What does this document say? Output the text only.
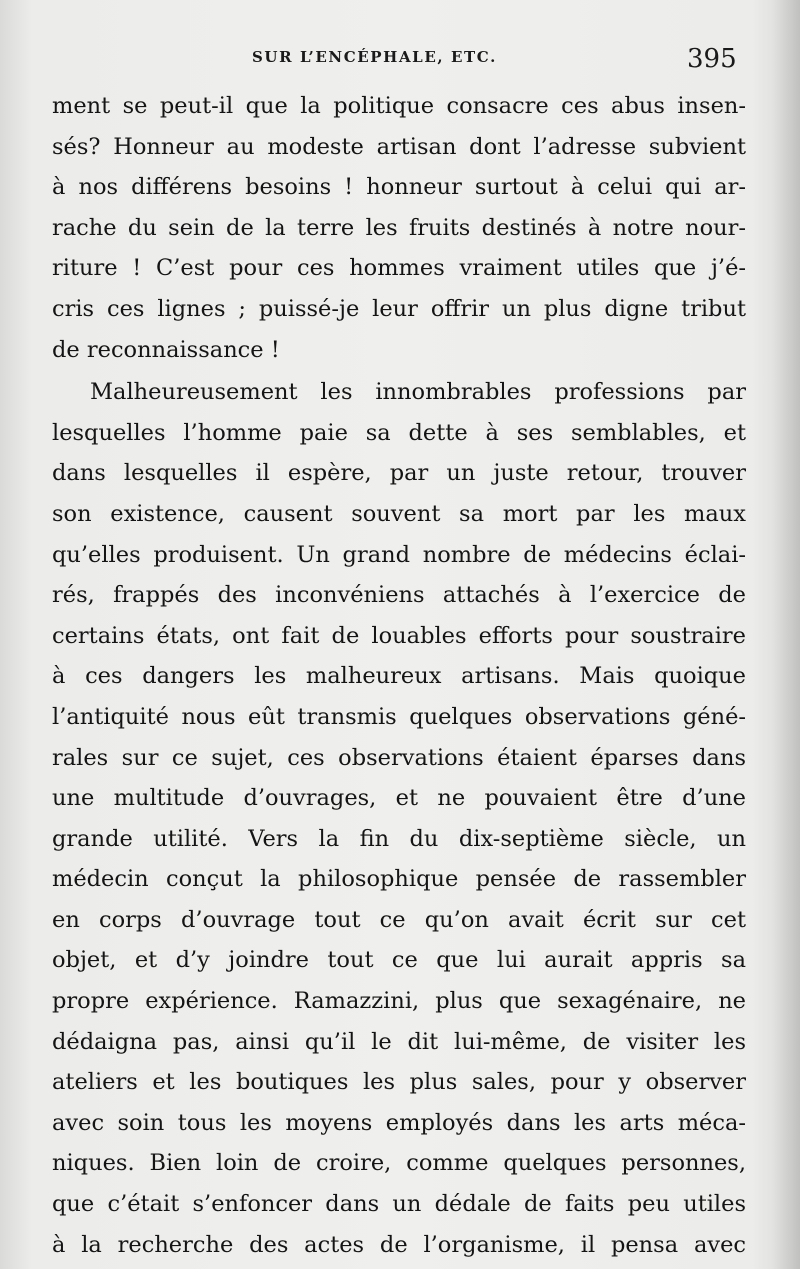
SUR L’ENCÉPHALE, ETC.	395
ment se peut-il que la politique consacre ces abus insen-
sés? Honneur au modeste artisan dont l’adresse subvient
à nos différens besoins ! honneur surtout à celui qui ar-
rache du sein de la terre les fruits destinés à notre nour-
riture ! C’est pour ces hommes vraiment utiles que j’é-
cris ces lignes ; puissé-je leur offrir un plus digne tribut
de reconnaissance !
Malheureusement les innombrables professions par
lesquelles l’homme paie sa dette à ses semblables, et
dans lesquelles il espère, par un juste retour, trouver
son existence, causent souvent sa mort par les maux
qu’elles produisent. Un grand nombre de médecins éclai-
rés, frappés des inconvéniens attachés à l’exercice de
certains états, ont fait de louables efforts pour soustraire
à ces dangers les malheureux artisans. Mais quoique
l’antiquité nous eût transmis quelques observations géné-
rales sur ce sujet, ces observations étaient éparses dans
une multitude d’ouvrages, et ne pouvaient être d’une
grande utilité. Vers la fin du dix-septième siècle, un
médecin conçut la philosophique pensée de rassembler
en corps d’ouvrage tout ce qu’on avait écrit sur cet
objet, et d’y joindre tout ce que lui aurait appris sa
propre expérience. Ramazzini, plus que sexagénaire, ne
dédaigna pas, ainsi qu’il le dit lui-même, de visiter les
ateliers et les boutiques les plus sales, pour y observer
avec soin tous les moyens employés dans les arts méca-
niques. Bien loin de croire, comme quelques personnes,
que c’était s’enfoncer dans un dédale de faits peu utiles
à la recherche des actes de l’organisme, il pensa avec
